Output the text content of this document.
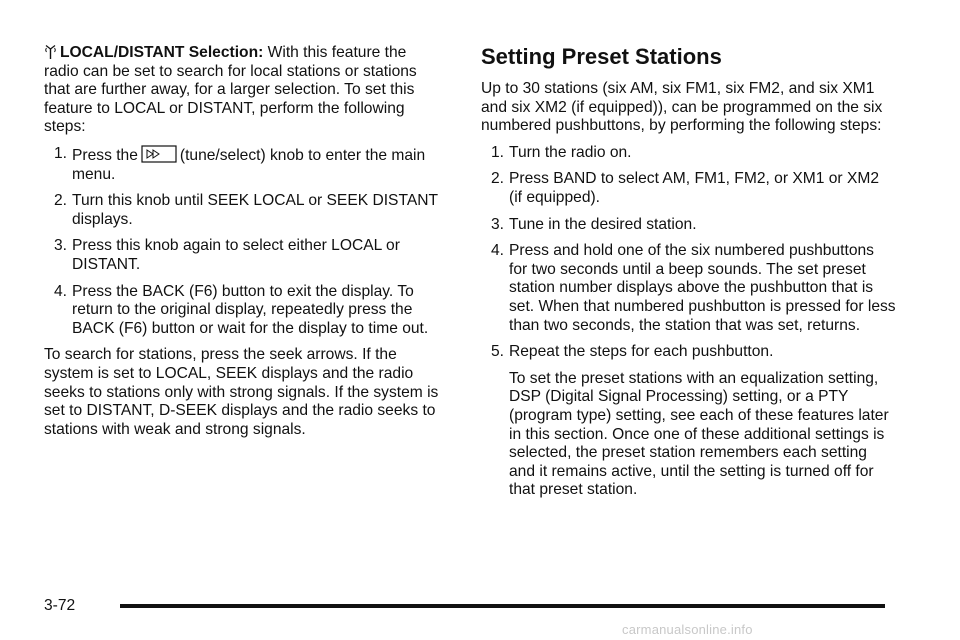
LOCAL/DISTANT Selection: With this feature the radio can be set to search for local stations or stations that are further away, for a larger selection. To set this feature to LOCAL or DISTANT, perform the following steps:

1. Press the	(tune/select) knob to enter the main menu.
2. Turn this knob until SEEK LOCAL or SEEK DISTANT displays.
3. Press this knob again to select either LOCAL or DISTANT.
4. Press the BACK (F6) button to exit the display. To return to the original display, repeatedly press the BACK (F6) button or wait for the display to time out.

To search for stations, press the seek arrows. If the system is set to LOCAL, SEEK displays and the radio seeks to stations only with strong signals. If the system is set to DISTANT, D-SEEK displays and the radio seeks to stations with weak and strong signals.

Setting Preset Stations

Up to 30 stations (six AM, six FM1, six FM2, and six XM1 and six XM2 (if equipped)), can be programmed on the six numbered pushbuttons, by performing the following steps:

1. Turn the radio on.
2. Press BAND to select AM, FM1, FM2, or XM1 or XM2 (if equipped).
3. Tune in the desired station.
4. Press and hold one of the six numbered pushbuttons for two seconds until a beep sounds. The set preset station number displays above the pushbutton that is set. When that numbered pushbutton is pressed for less than two seconds, the station that was set, returns.
5. Repeat the steps for each pushbutton.

To set the preset stations with an equalization setting, DSP (Digital Signal Processing) setting, or a PTY (program type) setting, see each of these features later in this section. Once one of these additional settings is selected, the preset station remembers each setting and it remains active, until the setting is turned off for that preset station.

3-72
carmanualsonline.info
